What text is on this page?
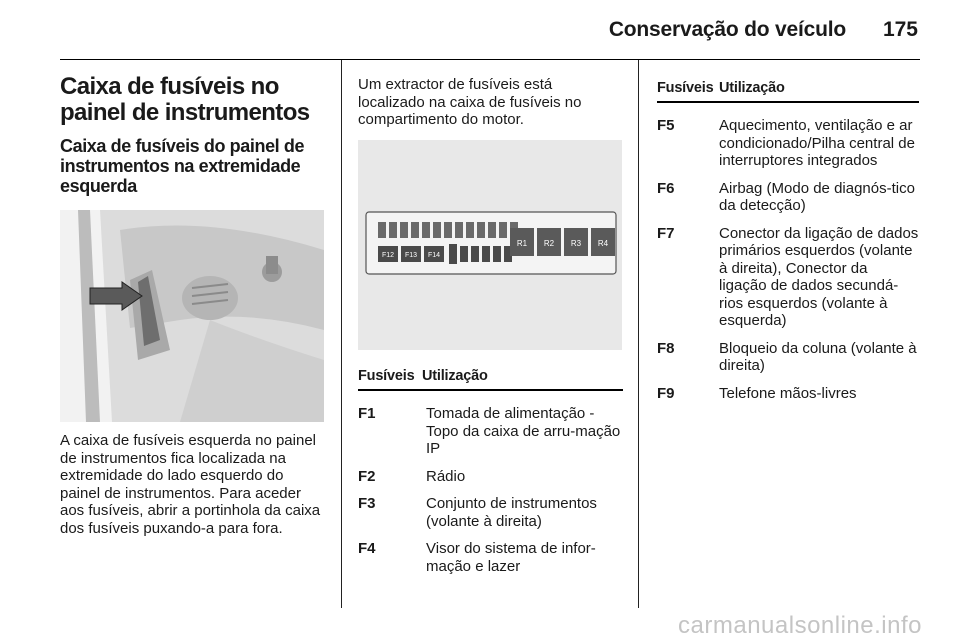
Conservação do veículo 175
Caixa de fusíveis no painel de instrumentos
Caixa de fusíveis do painel de instrumentos na extremidade esquerda

A caixa de fusíveis esquerda no painel de instrumentos fica localizada na extremidade do lado esquerdo do painel de instrumentos. Para aceder aos fusíveis, abrir a portinhola da caixa dos fusíveis puxando-a para fora.

Um extractor de fusíveis está localizado na caixa de fusíveis no compartimento do motor.

F12 F13 F14
R1 R2 R3 R4
Fusíveis Utilização
F1	Tomada de alimentação - Topo da caixa de arru-mação IP
F2	Rádio
F3	Conjunto de instrumentos (volante à direita)
F4	Visor do sistema de infor-mação e lazer
Fusíveis Utilização
F5	Aquecimento, ventilação e ar condicionado/Pilha central de interruptores integrados
F6	Airbag (Modo de diagnós-tico da detecção)
F7	Conector da ligação de dados primários esquerdos (volante à direita), Conector da ligação de dados secundá-rios esquerdos (volante à esquerda)
F8	Bloqueio da coluna (volante à direita)
F9	Telefone mãos-livres
carmanualsonline.info
